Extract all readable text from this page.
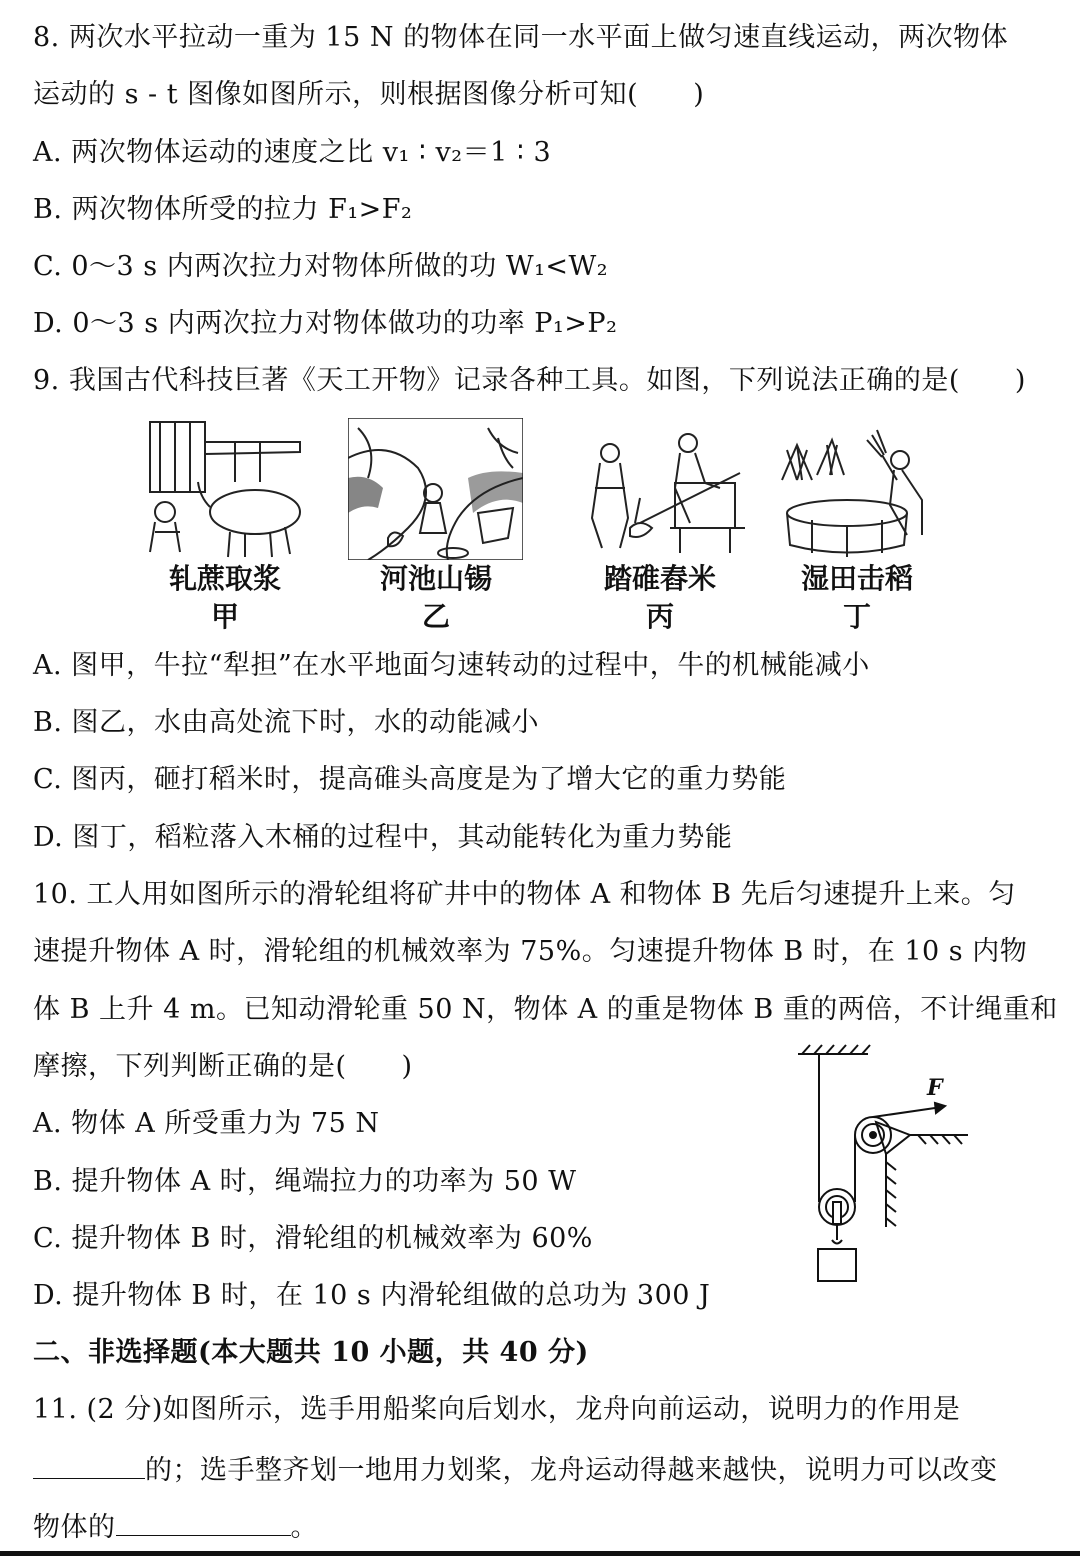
8. 两次水平拉动一重为 15 N 的物体在同一水平面上做匀速直线运动，两次物体
运动的 s - t 图像如图所示，则根据图像分析可知(　　)
A. 两次物体运动的速度之比 v₁ ∶ v₂＝1 ∶ 3
B. 两次物体所受的拉力 F₁>F₂
C. 0～3 s 内两次拉力对物体所做的功 W₁<W₂
D. 0～3 s 内两次拉力对物体做功的功率 P₁>P₂
9. 我国古代科技巨著《天工开物》记录各种工具。如图，下列说法正确的是(　　)
轧蔗取浆
甲
河池山锡
乙
踏碓舂米
丙
湿田击稻
丁
A. 图甲，牛拉“犁担”在水平地面匀速转动的过程中，牛的机械能减小
B. 图乙，水由高处流下时，水的动能减小
C. 图丙，砸打稻米时，提高碓头高度是为了增大它的重力势能
D. 图丁，稻粒落入木桶的过程中，其动能转化为重力势能
10. 工人用如图所示的滑轮组将矿井中的物体 A 和物体 B 先后匀速提升上来。匀
速提升物体 A 时，滑轮组的机械效率为 75%。匀速提升物体 B 时，在 10 s 内物
体 B 上升 4 m。已知动滑轮重 50 N，物体 A 的重是物体 B 重的两倍，不计绳重和
摩擦，下列判断正确的是(　　)
A. 物体 A 所受重力为 75 N
B. 提升物体 A 时，绳端拉力的功率为 50 W
C. 提升物体 B 时，滑轮组的机械效率为 60%
D. 提升物体 B 时，在 10 s 内滑轮组做的总功为 300 J
F
二、非选择题(本大题共 10 小题，共 40 分)
11. (2 分)如图所示，选手用船桨向后划水，龙舟向前运动，说明力的作用是
的；选手整齐划一地用力划桨，龙舟运动得越来越快，说明力可以改变
物体的	。
